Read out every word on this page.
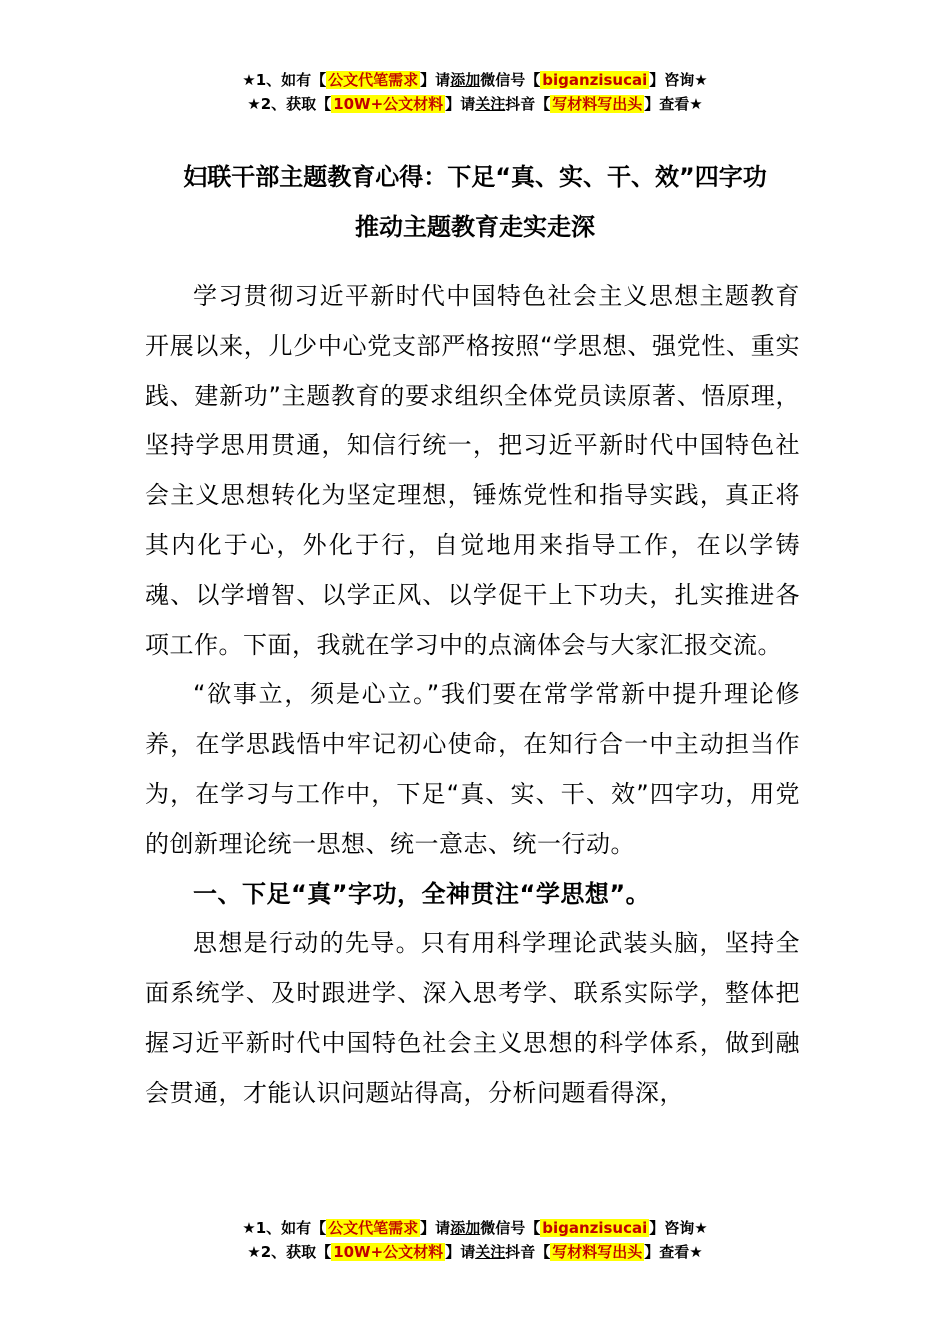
★1、如有【 公文代笔需求 】请添加微信号【 biganzisucai 】咨询★
★2、获取【 10W+公文材料 】请关注抖音【 写材料写出头 】查看★
妇联干部主题教育心得：下足“真、实、干、效”四字功
推动主题教育走实走深

学习贯彻习近平新时代中国特色社会主义思想主题教育开展以来，儿少中心党支部严格按照“学思想、强党性、重实践、建新功”主题教育的要求组织全体党员读原著、悟原理，坚持学思用贯通，知信行统一，把习近平新时代中国特色社会主义思想转化为坚定理想，锤炼党性和指导实践，真正将其内化于心，外化于行，自觉地用来指导工作，在以学铸魂、以学增智、以学正风、以学促干上下功夫，扎实推进各项工作。下面，我就在学习中的点滴体会与大家汇报交流。

“欲事立，须是心立。”我们要在常学常新中提升理论修养，在学思践悟中牢记初心使命，在知行合一中主动担当作为，在学习与工作中，下足“真、实、干、效”四字功，用党的创新理论统一思想、统一意志、统一行动。

一、下足“真”字功，全神贯注“学思想”。

思想是行动的先导。只有用科学理论武装头脑，坚持全面系统学、及时跟进学、深入思考学、联系实际学，整体把握习近平新时代中国特色社会主义思想的科学体系，做到融会贯通，才能认识问题站得高，分析问题看得深，

★1、如有【 公文代笔需求 】请添加微信号【 biganzisucai 】咨询★
★2、获取【 10W+公文材料 】请关注抖音【 写材料写出头 】查看★
